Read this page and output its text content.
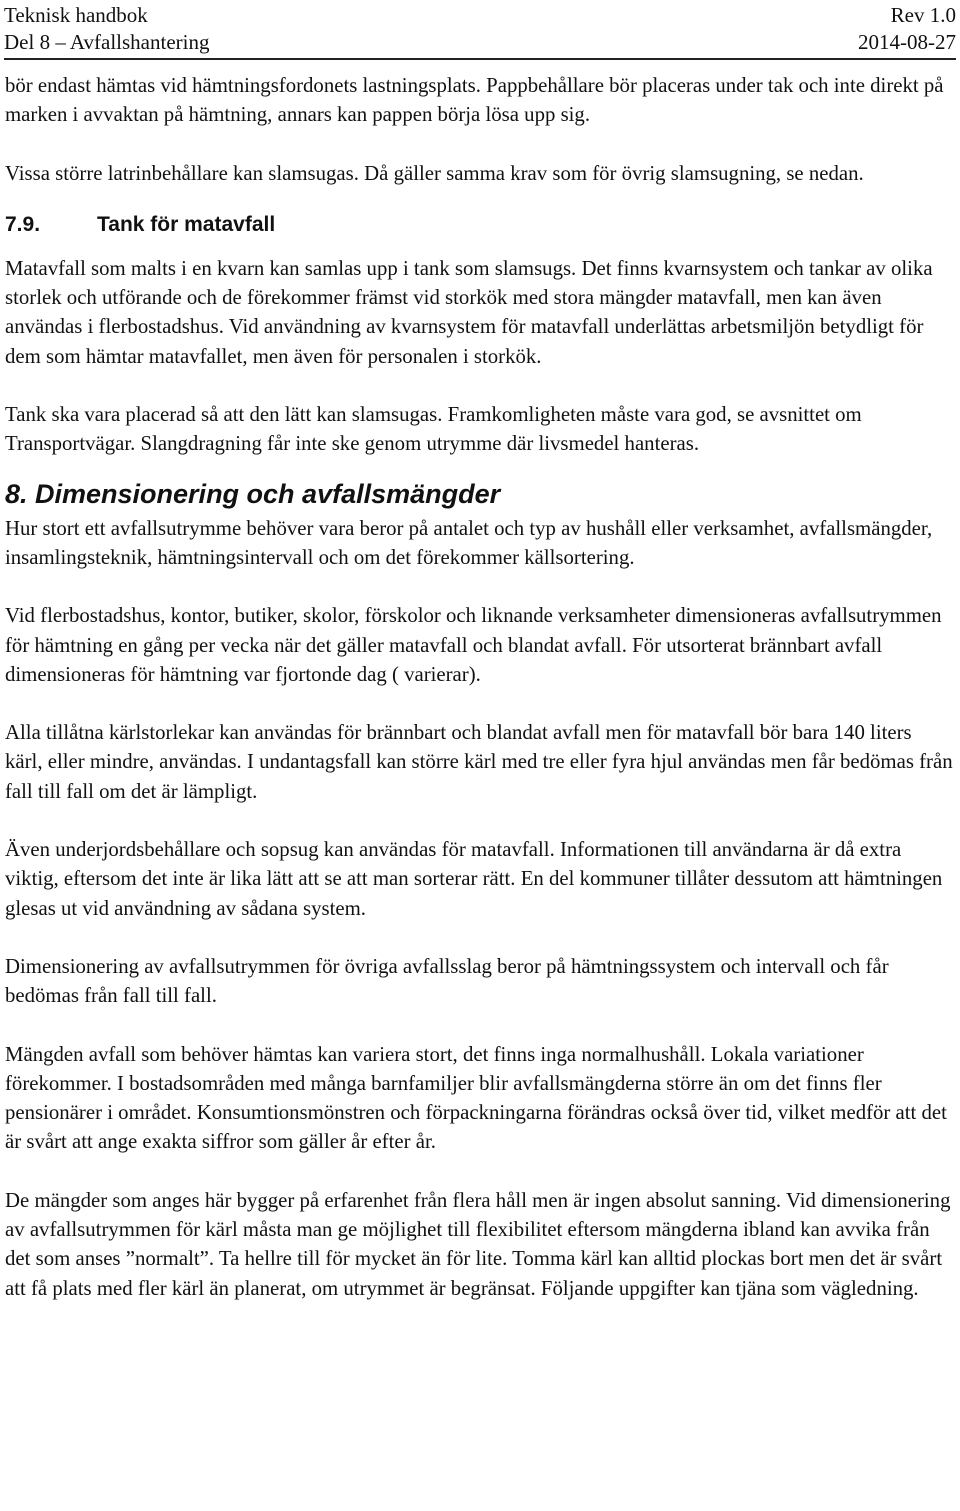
Teknisk handbok	Rev 1.0
Del 8 – Avfallshantering	2014-08-27

bör endast hämtas vid hämtningsfordonets lastningsplats. Pappbehållare bör placeras under tak och inte direkt på marken i avvaktan på hämtning, annars kan pappen börja lösa upp sig.

Vissa större latrinbehållare kan slamsugas. Då gäller samma krav som för övrig slamsugning, se nedan.

7.9.	Tank för matavfall

Matavfall som malts i en kvarn kan samlas upp i tank som slamsugs. Det finns kvarnsystem och tankar av olika storlek och utförande och de förekommer främst vid storkök med stora mängder matavfall, men kan även användas i flerbostadshus. Vid användning av kvarnsystem för matavfall underlättas arbetsmiljön betydligt för dem som hämtar matavfallet, men även för personalen i storkök.

Tank ska vara placerad så att den lätt kan slamsugas. Framkomligheten måste vara god, se avsnittet om Transportvägar. Slangdragning får inte ske genom utrymme där livsmedel hanteras.

8. Dimensionering och avfallsmängder

Hur stort ett avfallsutrymme behöver vara beror på antalet och typ av hushåll eller verksamhet, avfallsmängder, insamlingsteknik, hämtningsintervall och om det förekommer källsortering.

Vid flerbostadshus, kontor, butiker, skolor, förskolor och liknande verksamheter dimensioneras avfallsutrymmen för hämtning en gång per vecka när det gäller matavfall och blandat avfall. För utsorterat brännbart avfall dimensioneras för hämtning var fjortonde dag ( varierar).

Alla tillåtna kärlstorlekar kan användas för brännbart och blandat avfall men för matavfall bör bara 140 liters kärl, eller mindre, användas. I undantagsfall kan större kärl med tre eller fyra hjul användas men får bedömas från fall till fall om det är lämpligt.

Även underjordsbehållare och sopsug kan användas för matavfall. Informationen till användarna är då extra viktig, eftersom det inte är lika lätt att se att man sorterar rätt. En del kommuner tillåter dessutom att hämtningen glesas ut vid användning av sådana system.

Dimensionering av avfallsutrymmen för övriga avfallsslag beror på hämtningssystem och intervall och får bedömas från fall till fall.

Mängden avfall som behöver hämtas kan variera stort, det finns inga normalhushåll. Lokala variationer förekommer. I bostadsområden med många barnfamiljer blir avfallsmängderna större än om det finns fler pensionärer i området. Konsumtionsmönstren och förpackningarna förändras också över tid, vilket medför att det är svårt att ange exakta siffror som gäller år efter år.

De mängder som anges här bygger på erfarenhet från flera håll men är ingen absolut sanning. Vid dimensionering av avfallsutrymmen för kärl måsta man ge möjlighet till flexibilitet eftersom mängderna ibland kan avvika från det som anses ”normalt”. Ta hellre till för mycket än för lite. Tomma kärl kan alltid plockas bort men det är svårt att få plats med fler kärl än planerat, om utrymmet är begränsat. Följande uppgifter kan tjäna som vägledning.
